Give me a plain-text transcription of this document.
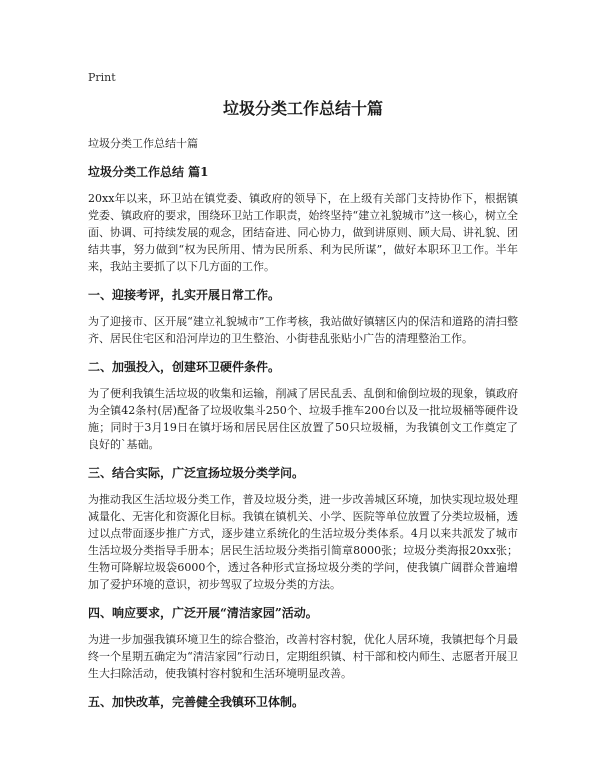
Print
垃圾分类工作总结十篇
垃圾分类工作总结十篇
垃圾分类工作总结 篇1

20xx年以来，环卫站在镇党委、镇政府的领导下，在上级有关部门支持协作下，根据镇党委、镇政府的要求，围绕环卫站工作职责，始终坚持“建立礼貌城市”这一核心，树立全面、协调、可持续发展的观念，团结奋进、同心协力，做到讲原则、顾大局、讲礼貌、团结共事，努力做到“权为民所用、情为民所系、利为民所谋”，做好本职环卫工作。半年来，我站主要抓了以下几方面的工作。

一、迎接考评，扎实开展日常工作。

为了迎接市、区开展“建立礼貌城市”工作考核，我站做好镇辖区内的保洁和道路的清扫整齐、居民住宅区和沿河岸边的卫生整治、小街巷乱张贴小广告的清理整治工作。

二、加强投入，创建环卫硬件条件。

为了便利我镇生活垃圾的收集和运输，削减了居民乱丢、乱倒和偷倒垃圾的现象，镇政府为全镇42条村(居)配备了垃圾收集斗250个、垃圾手推车200台以及一批垃圾桶等硬件设施；同时于3月19日在镇圩场和居民居住区放置了50只垃圾桶，为我镇创文工作奠定了良好的`基础。

三、结合实际，广泛宣扬垃圾分类学问。

为推动我区生活垃圾分类工作，普及垃圾分类，进一步改善城区环境，加快实现垃圾处理减量化、无害化和资源化目标。我镇在镇机关、小学、医院等单位放置了分类垃圾桶，透过以点带面逐步推广方式，逐步建立系统化的生活垃圾分类体系。4月以来共派发了城市生活垃圾分类指导手册本；居民生活垃圾分类指引简章8000张；垃圾分类海报20xx张；生物可降解垃圾袋6000个，透过各种形式宣扬垃圾分类的学问，使我镇广阔群众普遍增加了爱护环境的意识，初步驾驭了垃圾分类的方法。

四、响应要求，广泛开展“清洁家园”活动。

为进一步加强我镇环境卫生的综合整治，改善村容村貌，优化人居环境，我镇把每个月最终一个星期五确定为“清洁家园”行动日，定期组织镇、村干部和校内师生、志愿者开展卫生大扫除活动，使我镇村容村貌和生活环境明显改善。

五、加快改革，完善健全我镇环卫体制。
